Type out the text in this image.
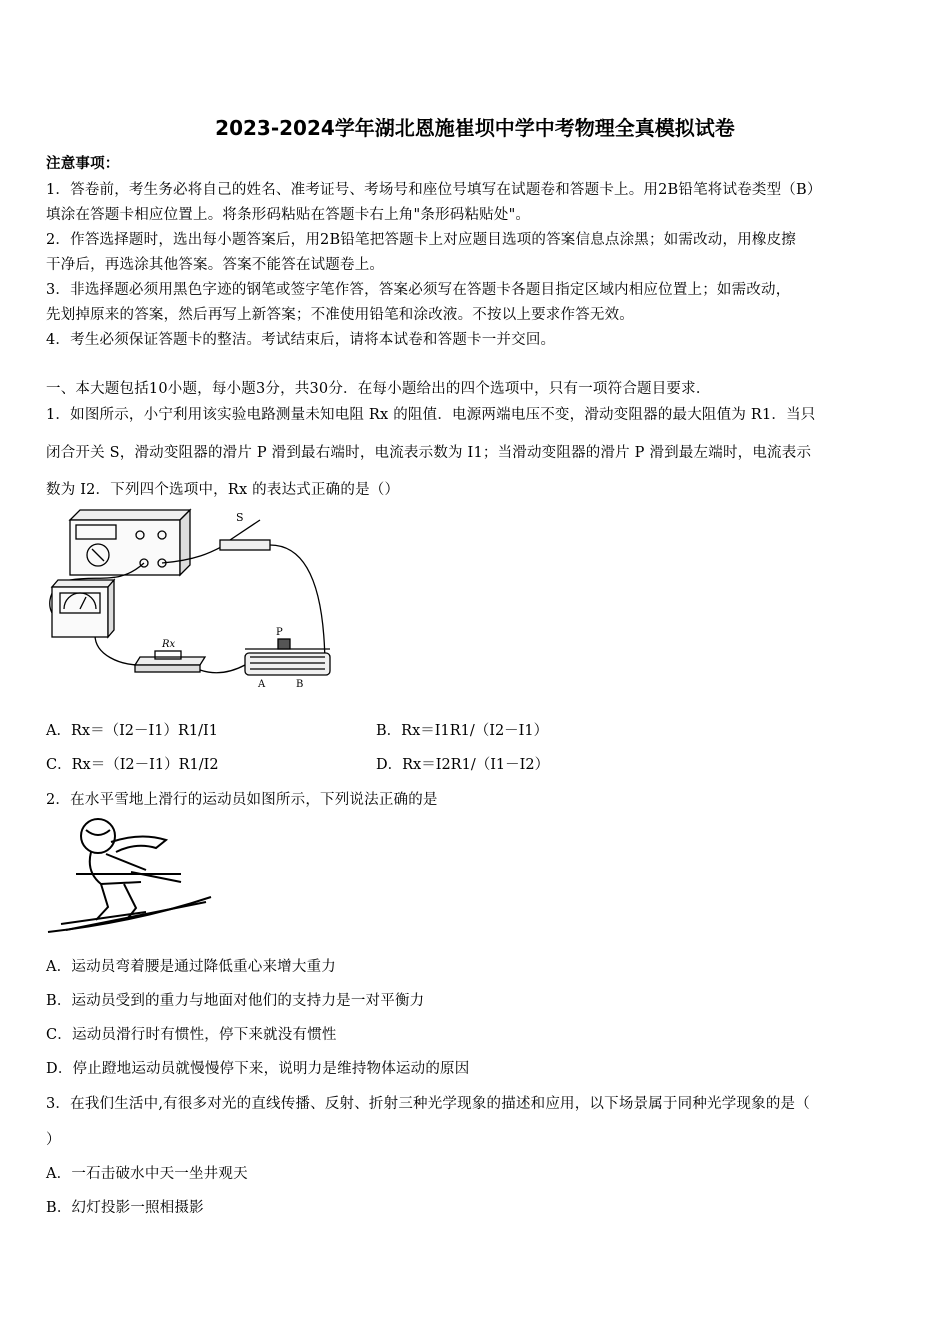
2023-2024学年湖北恩施崔坝中学中考物理全真模拟试卷
注意事项：
1．答卷前，考生务必将自己的姓名、准考证号、考场号和座位号填写在试题卷和答题卡上。用2B铅笔将试卷类型（B）
填涂在答题卡相应位置上。将条形码粘贴在答题卡右上角"条形码粘贴处"。
2．作答选择题时，选出每小题答案后，用2B铅笔把答题卡上对应题目选项的答案信息点涂黑；如需改动，用橡皮擦
干净后，再选涂其他答案。答案不能答在试题卷上。
3．非选择题必须用黑色字迹的钢笔或签字笔作答，答案必须写在答题卡各题目指定区域内相应位置上；如需改动，
先划掉原来的答案，然后再写上新答案；不准使用铅笔和涂改液。不按以上要求作答无效。
4．考生必须保证答题卡的整洁。考试结束后，请将本试卷和答题卡一并交回。
一、本大题包括10小题，每小题3分，共30分．在每小题给出的四个选项中，只有一项符合题目要求．
1．如图所示，小宁利用该实验电路测量未知电阻 Rx 的阻值．电源两端电压不变，滑动变阻器的最大阻值为 R1．当只
闭合开关 S，滑动变阻器的滑片 P 滑到最右端时，电流表示数为 I1；当滑动变阻器的滑片 P 滑到最左端时，电流表示
数为 I2．下列四个选项中，Rx 的表达式正确的是（）
S
Rx
P
A	B
A．Rx＝（I2－I1）R1/I1	B．Rx＝I1R1/（I2－I1）
C．Rx＝（I2－I1）R1/I2	D．Rx＝I2R1/（I1－I2）
2．在水平雪地上滑行的运动员如图所示，下列说法正确的是
A．运动员弯着腰是通过降低重心来增大重力
B．运动员受到的重力与地面对他们的支持力是一对平衡力
C．运动员滑行时有惯性，停下来就没有惯性
D．停止蹬地运动员就慢慢停下来，说明力是维持物体运动的原因
3．在我们生活中,有很多对光的直线传播、反射、折射三种光学现象的描述和应用，以下场景属于同种光学现象的是（
）
A．一石击破水中天一坐井观天
B．幻灯投影一照相摄影
